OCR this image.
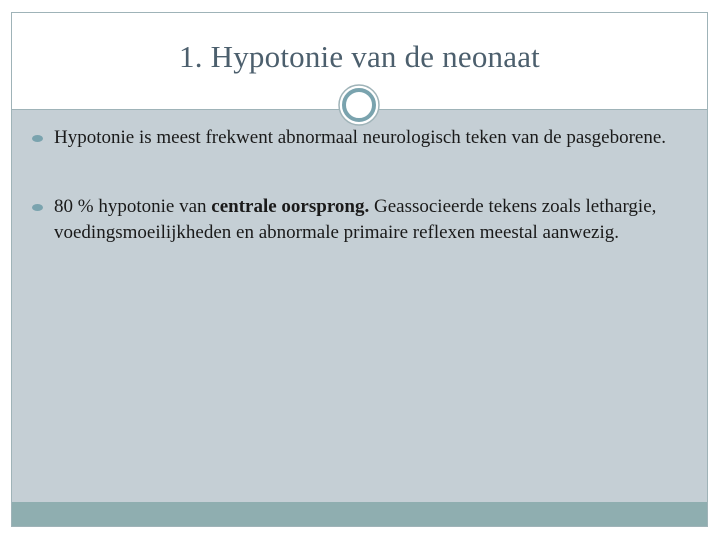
1. Hypotonie van de neonaat
Hypotonie is meest frekwent abnormaal neurologisch teken van de pasgeborene.
80 % hypotonie van centrale oorsprong. Geassocieerde tekens zoals lethargie, voedingsmoeilijkheden en abnormale primaire reflexen meestal aanwezig.
